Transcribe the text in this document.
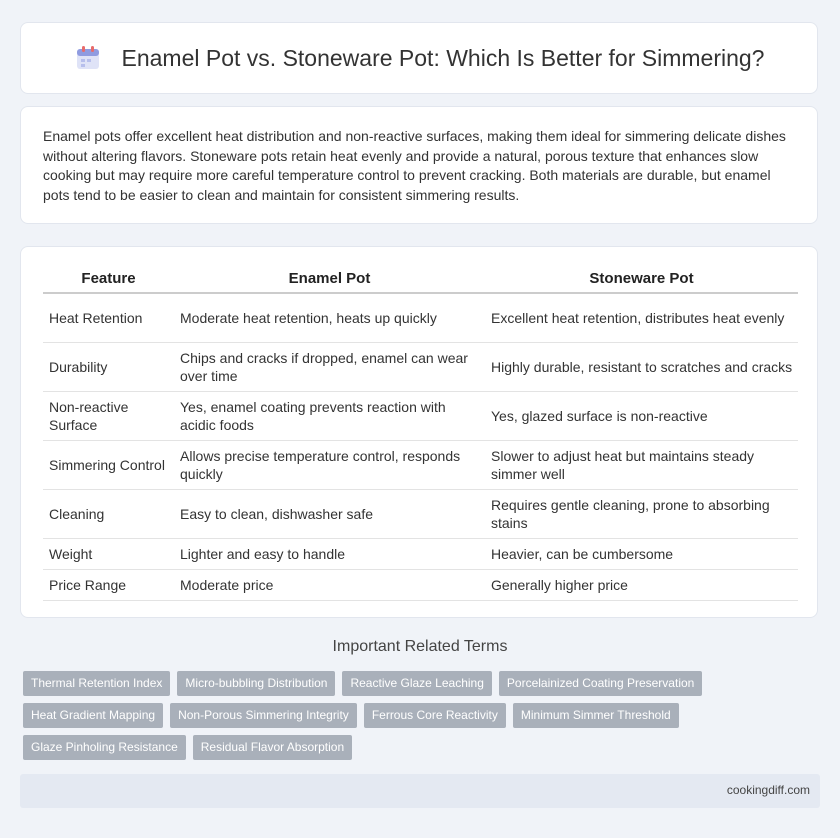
Enamel Pot vs. Stoneware Pot: Which Is Better for Simmering?

Enamel pots offer excellent heat distribution and non-reactive surfaces, making them ideal for simmering delicate dishes without altering flavors. Stoneware pots retain heat evenly and provide a natural, porous texture that enhances slow cooking but may require more careful temperature control to prevent cracking. Both materials are durable, but enamel pots tend to be easier to clean and maintain for consistent simmering results.

Feature	Enamel Pot	Stoneware Pot
Heat Retention	Moderate heat retention, heats up quickly	Excellent heat retention, distributes heat evenly
Durability	Chips and cracks if dropped, enamel can wear over time	Highly durable, resistant to scratches and cracks
Non-reactive Surface	Yes, enamel coating prevents reaction with acidic foods	Yes, glazed surface is non-reactive
Simmering Control	Allows precise temperature control, responds quickly	Slower to adjust heat but maintains steady simmer well
Cleaning	Easy to clean, dishwasher safe	Requires gentle cleaning, prone to absorbing stains
Weight	Lighter and easy to handle	Heavier, can be cumbersome
Price Range	Moderate price	Generally higher price
Important Related Terms
Thermal Retention Index	Micro-bubbling Distribution	Reactive Glaze Leaching	Porcelainized Coating Preservation
Heat Gradient Mapping	Non-Porous Simmering Integrity	Ferrous Core Reactivity	Minimum Simmer Threshold
Glaze Pinholing Resistance	Residual Flavor Absorption
cookingdiff.com
